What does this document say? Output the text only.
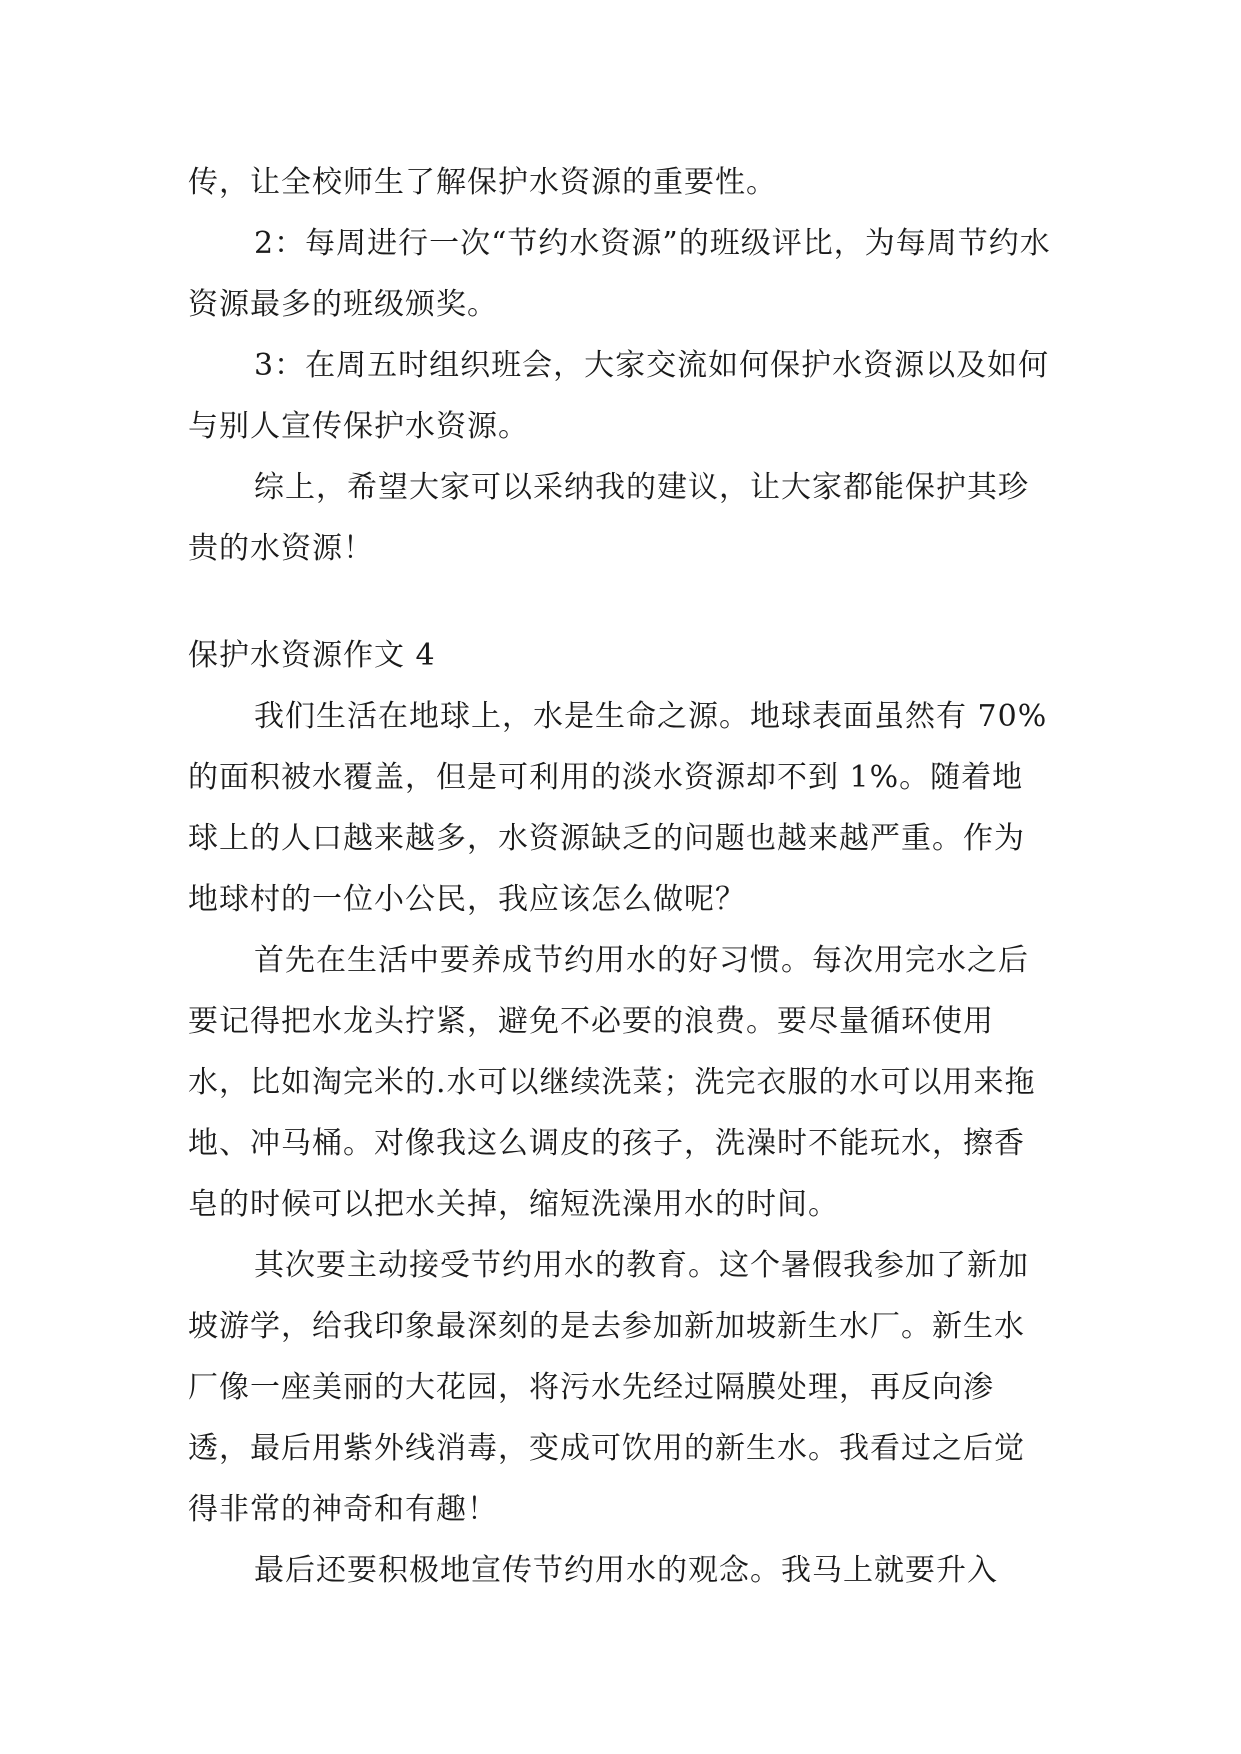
传，让全校师生了解保护水资源的重要性。

2：每周进行一次“节约水资源”的班级评比，为每周节约水资源最多的班级颁奖。

3：在周五时组织班会，大家交流如何保护水资源以及如何与别人宣传保护水资源。

综上，希望大家可以采纳我的建议，让大家都能保护其珍贵的水资源！

保护水资源作文 4

我们生活在地球上，水是生命之源。地球表面虽然有 70%的面积被水覆盖，但是可利用的淡水资源却不到 1%。随着地球上的人口越来越多，水资源缺乏的问题也越来越严重。作为地球村的一位小公民，我应该怎么做呢？

首先在生活中要养成节约用水的好习惯。每次用完水之后要记得把水龙头拧紧，避免不必要的浪费。要尽量循环使用水，比如淘完米的.水可以继续洗菜；洗完衣服的水可以用来拖地、冲马桶。对像我这么调皮的孩子，洗澡时不能玩水，擦香皂的时候可以把水关掉，缩短洗澡用水的时间。

其次要主动接受节约用水的教育。这个暑假我参加了新加坡游学，给我印象最深刻的是去参加新加坡新生水厂。新生水厂像一座美丽的大花园，将污水先经过隔膜处理，再反向渗透，最后用紫外线消毒，变成可饮用的新生水。我看过之后觉得非常的神奇和有趣！

最后还要积极地宣传节约用水的观念。我马上就要升入
